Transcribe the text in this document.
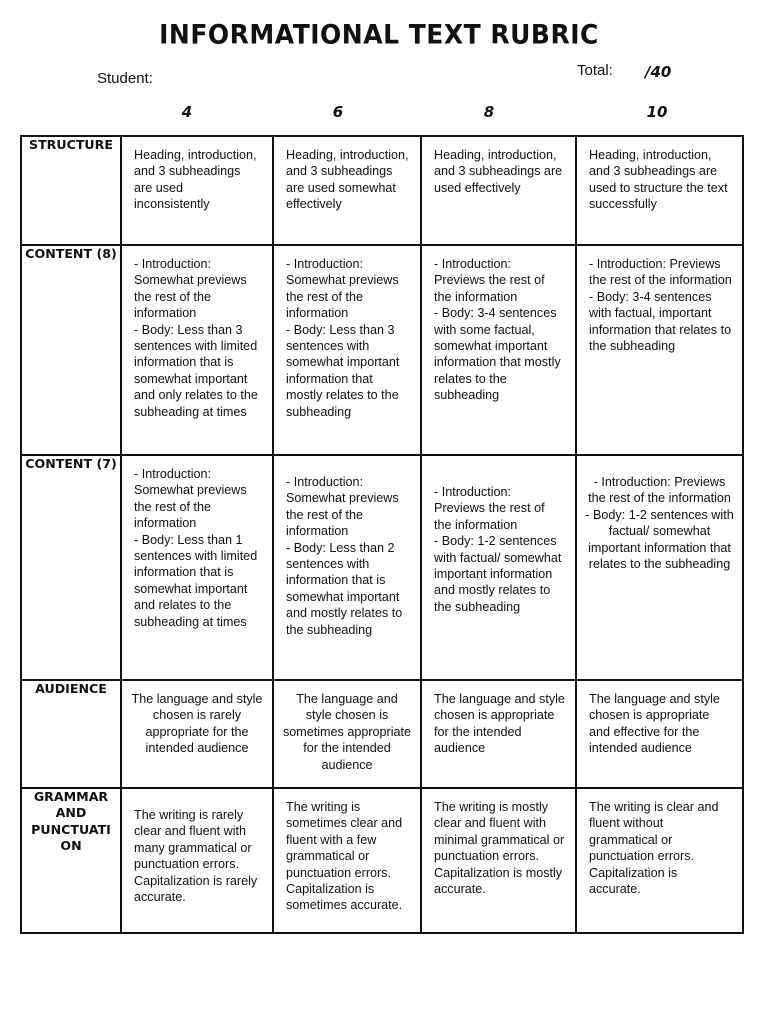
INFORMATIONAL TEXT RUBRIC
Student:	Total: /40
4	6	8	10
STRUCTURE	Heading, introduction, and 3 subheadings are used inconsistently	Heading, introduction, and 3 subheadings are used somewhat effectively	Heading, introduction, and 3 subheadings are used effectively	Heading, introduction, and 3 subheadings are used to structure the text successfully

CONTENT (8)	- Introduction: Somewhat previews the rest of the information
- Body: Less than 3 sentences with limited information that is somewhat important and only relates to the subheading at times	- Introduction: Somewhat previews the rest of the information
- Body: Less than 3 sentences with somewhat important information that mostly relates to the subheading	- Introduction: Previews the rest of the information
- Body: 3-4 sentences with some factual, somewhat important information that mostly relates to the subheading	- Introduction: Previews the rest of the information
- Body: 3-4 sentences with factual, important information that relates to the subheading

CONTENT (7)	- Introduction: Somewhat previews the rest of the information
- Body: Less than 1 sentences with limited information that is somewhat important and relates to the subheading at times	- Introduction: Somewhat previews the rest of the information
- Body: Less than 2 sentences with information that is somewhat important and mostly relates to the subheading	- Introduction: Previews the rest of the information
- Body: 1-2 sentences with factual/ somewhat important information and mostly relates to the subheading	- Introduction: Previews the rest of the information
- Body: 1-2 sentences with factual/ somewhat important information that relates to the subheading

AUDIENCE	The language and style chosen is rarely appropriate for the intended audience	The language and style chosen is sometimes appropriate for the intended audience	The language and style chosen is appropriate for the intended audience	The language and style chosen is appropriate and effective for the intended audience

GRAMMAR AND PUNCTUATI ON	The writing is rarely clear and fluent with many grammatical or punctuation errors. Capitalization is rarely accurate.	The writing is sometimes clear and fluent with a few grammatical or punctuation errors. Capitalization is sometimes accurate.	The writing is mostly clear and fluent with minimal grammatical or punctuation errors. Capitalization is mostly accurate.	The writing is clear and fluent without grammatical or punctuation errors. Capitalization is accurate.
